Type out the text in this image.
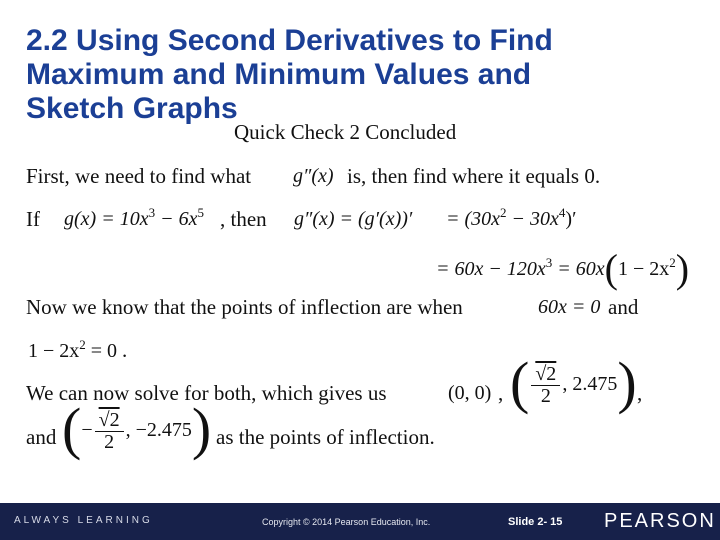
2.2 Using Second Derivatives to Find
Maximum and Minimum Values and
Sketch Graphs
Quick Check 2 Concluded
First, we need to find what g″(x) is, then find where it equals 0.
If $g(x) = 10x^3 - 6x^5$ , then $g''(x) = (g'(x))' = (30x^2 - 30x^4)'$
= $60x - 120x^3 = 60x(1 - 2x^2)$
Now we know that the points of inflection are when	60x = 0 and
$1 - 2x^2 = 0$ .
We can now solve for both, which gives us	(0, 0) , ( $\frac{√2}{2}$ , 2.475) ,
and (− $\frac{√2}{2}$ , −2.475) as the points of inflection.
ALWAYS LEARNING	Copyright © 2014 Pearson Education, Inc.	Slide 2- 15 PEARSON
